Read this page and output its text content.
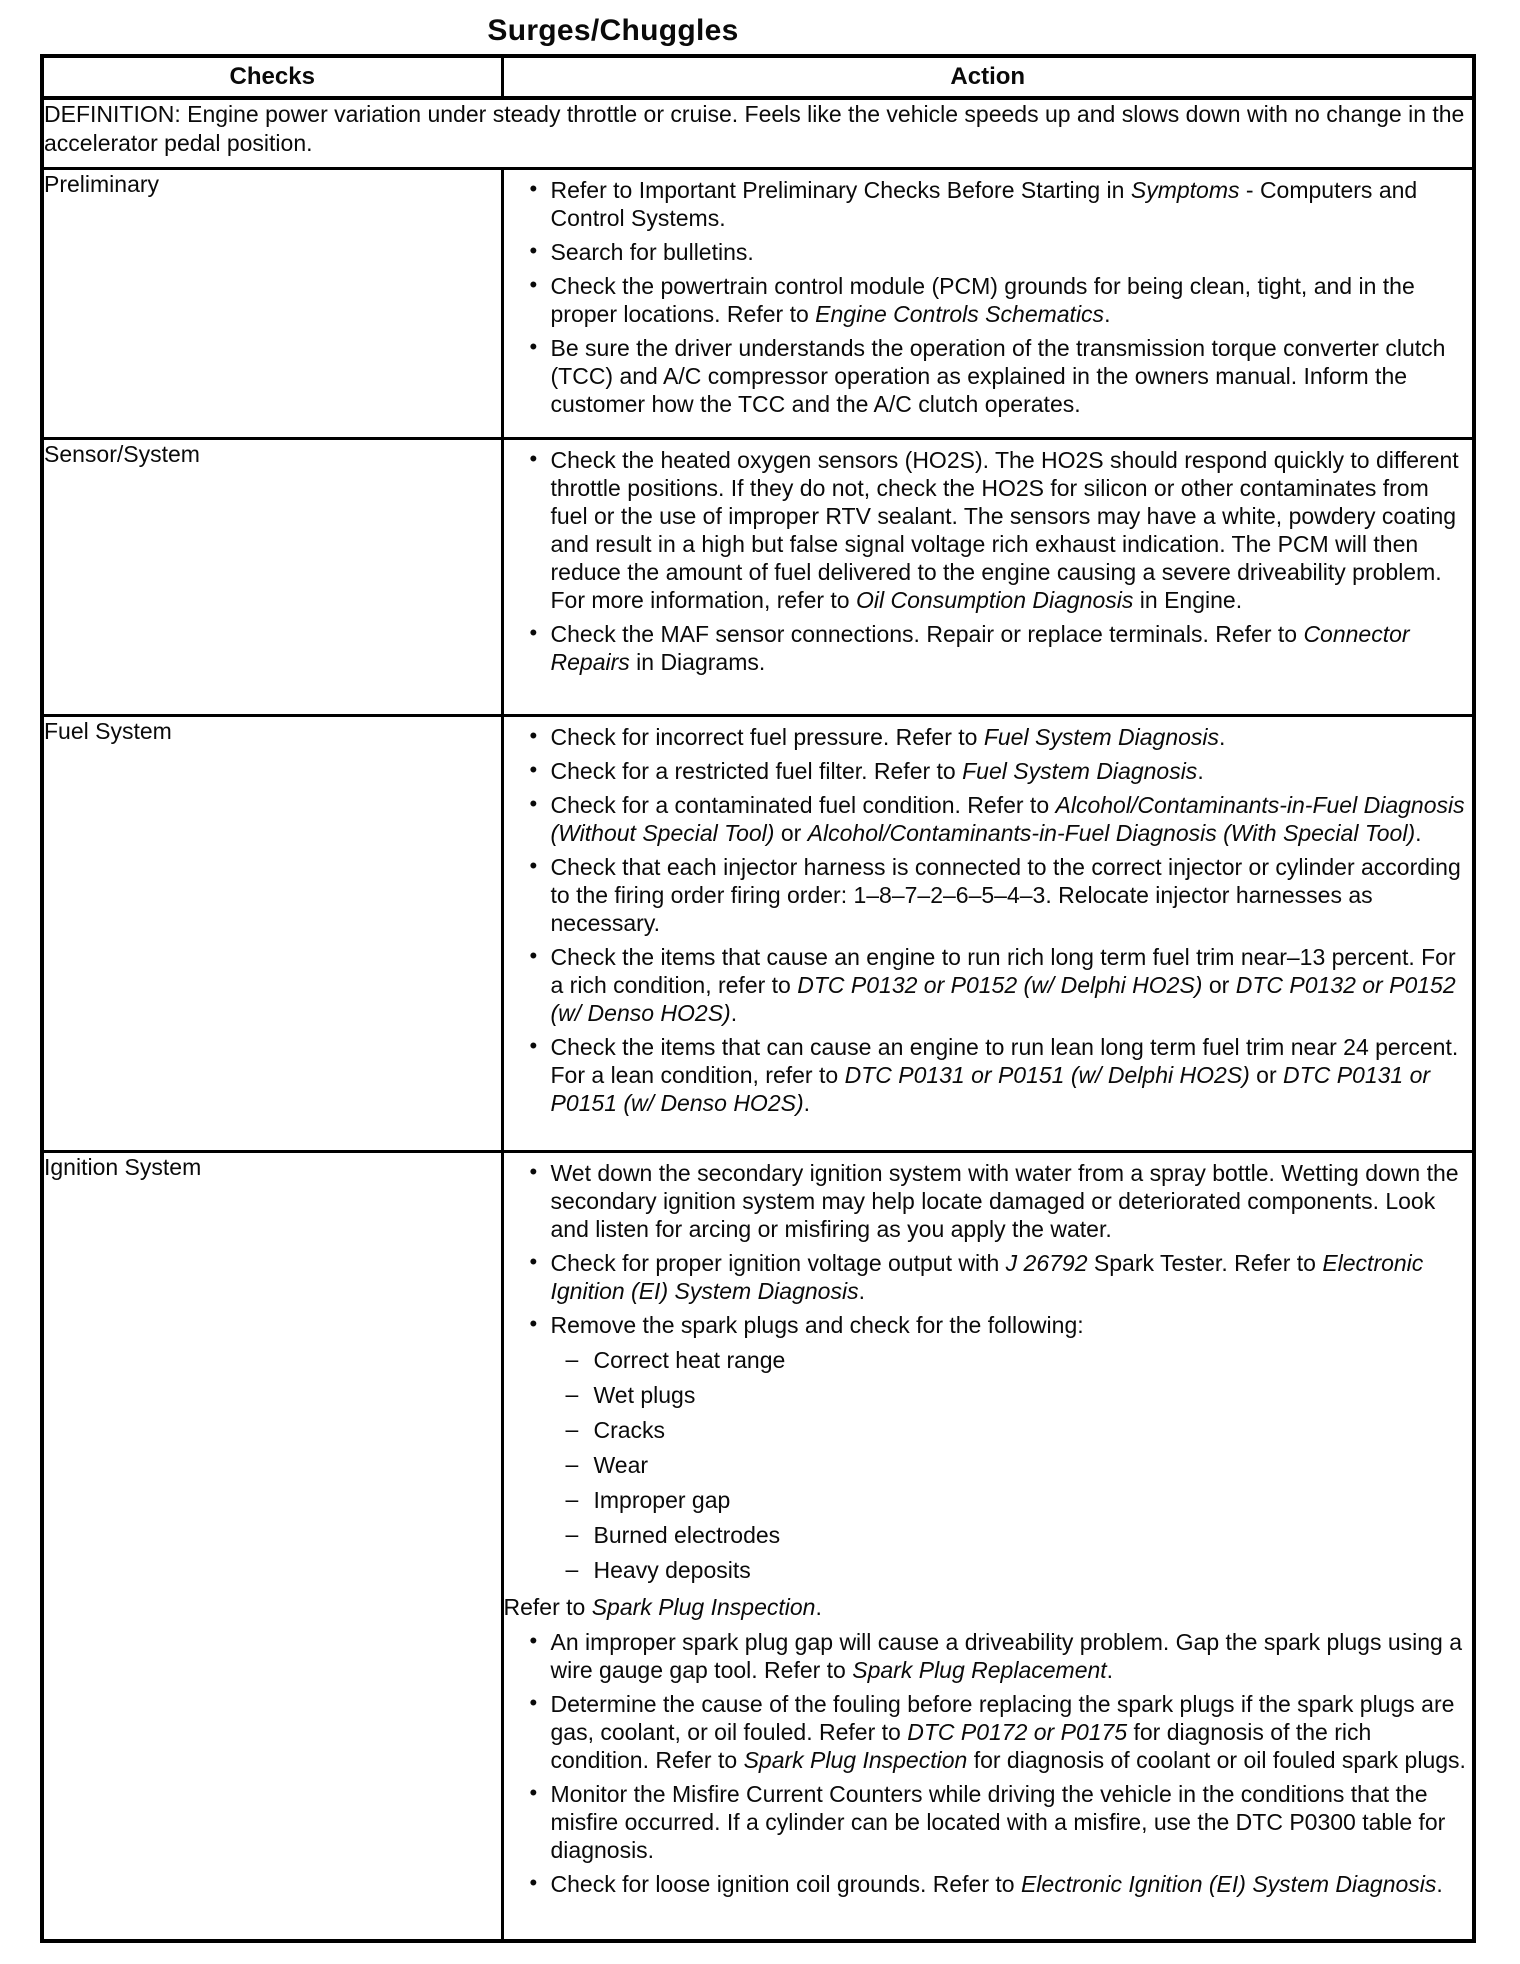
Surges/Chuggles
Checks	Action
DEFINITION: Engine power variation under steady throttle or cruise. Feels like the vehicle speeds up and slows down with no change in the accelerator pedal position.	
Preliminary	• Refer to Important Preliminary Checks Before Starting in Symptoms - Computers and Control Systems.
• Search for bulletins.
• Check the powertrain control module (PCM) grounds for being clean, tight, and in the proper locations. Refer to Engine Controls Schematics.
• Be sure the driver understands the operation of the transmission torque converter clutch (TCC) and A/C compressor operation as explained in the owners manual. Inform the customer how the TCC and the A/C clutch operates.

Sensor/System	• Check the heated oxygen sensors (HO2S). The HO2S should respond quickly to different throttle positions. If they do not, check the HO2S for silicon or other contaminates from fuel or the use of improper RTV sealant. The sensors may have a white, powdery coating and result in a high but false signal voltage rich exhaust indication. The PCM will then reduce the amount of fuel delivered to the engine causing a severe driveability problem. For more information, refer to Oil Consumption Diagnosis in Engine.
• Check the MAF sensor connections. Repair or replace terminals. Refer to Connector Repairs in Diagrams.

Fuel System	• Check for incorrect fuel pressure. Refer to Fuel System Diagnosis.
• Check for a restricted fuel filter. Refer to Fuel System Diagnosis.
• Check for a contaminated fuel condition. Refer to Alcohol/Contaminants-in-Fuel Diagnosis (Without Special Tool) or Alcohol/Contaminants-in-Fuel Diagnosis (With Special Tool).
• Check that each injector harness is connected to the correct injector or cylinder according to the firing order firing order: 1–8–7–2–6–5–4–3. Relocate injector harnesses as necessary.
• Check the items that cause an engine to run rich long term fuel trim near–13 percent. For a rich condition, refer to DTC P0132 or P0152 (w/ Delphi HO2S) or DTC P0132 or P0152 (w/ Denso HO2S).
• Check the items that can cause an engine to run lean long term fuel trim near 24 percent. For a lean condition, refer to DTC P0131 or P0151 (w/ Delphi HO2S) or DTC P0131 or P0151 (w/ Denso HO2S).

Ignition System	• Wet down the secondary ignition system with water from a spray bottle. Wetting down the secondary ignition system may help locate damaged or deteriorated components. Look and listen for arcing or misfiring as you apply the water.
• Check for proper ignition voltage output with J 26792 Spark Tester. Refer to Electronic Ignition (EI) System Diagnosis.
• Remove the spark plugs and check for the following:
– Correct heat range
– Wet plugs
– Cracks
– Wear
– Improper gap
– Burned electrodes
– Heavy deposits
Refer to Spark Plug Inspection.
• An improper spark plug gap will cause a driveability problem. Gap the spark plugs using a wire gauge gap tool. Refer to Spark Plug Replacement.
• Determine the cause of the fouling before replacing the spark plugs if the spark plugs are gas, coolant, or oil fouled. Refer to DTC P0172 or P0175 for diagnosis of the rich condition. Refer to Spark Plug Inspection for diagnosis of coolant or oil fouled spark plugs.
• Monitor the Misfire Current Counters while driving the vehicle in the conditions that the misfire occurred. If a cylinder can be located with a misfire, use the DTC P0300 table for diagnosis.
• Check for loose ignition coil grounds. Refer to Electronic Ignition (EI) System Diagnosis.
